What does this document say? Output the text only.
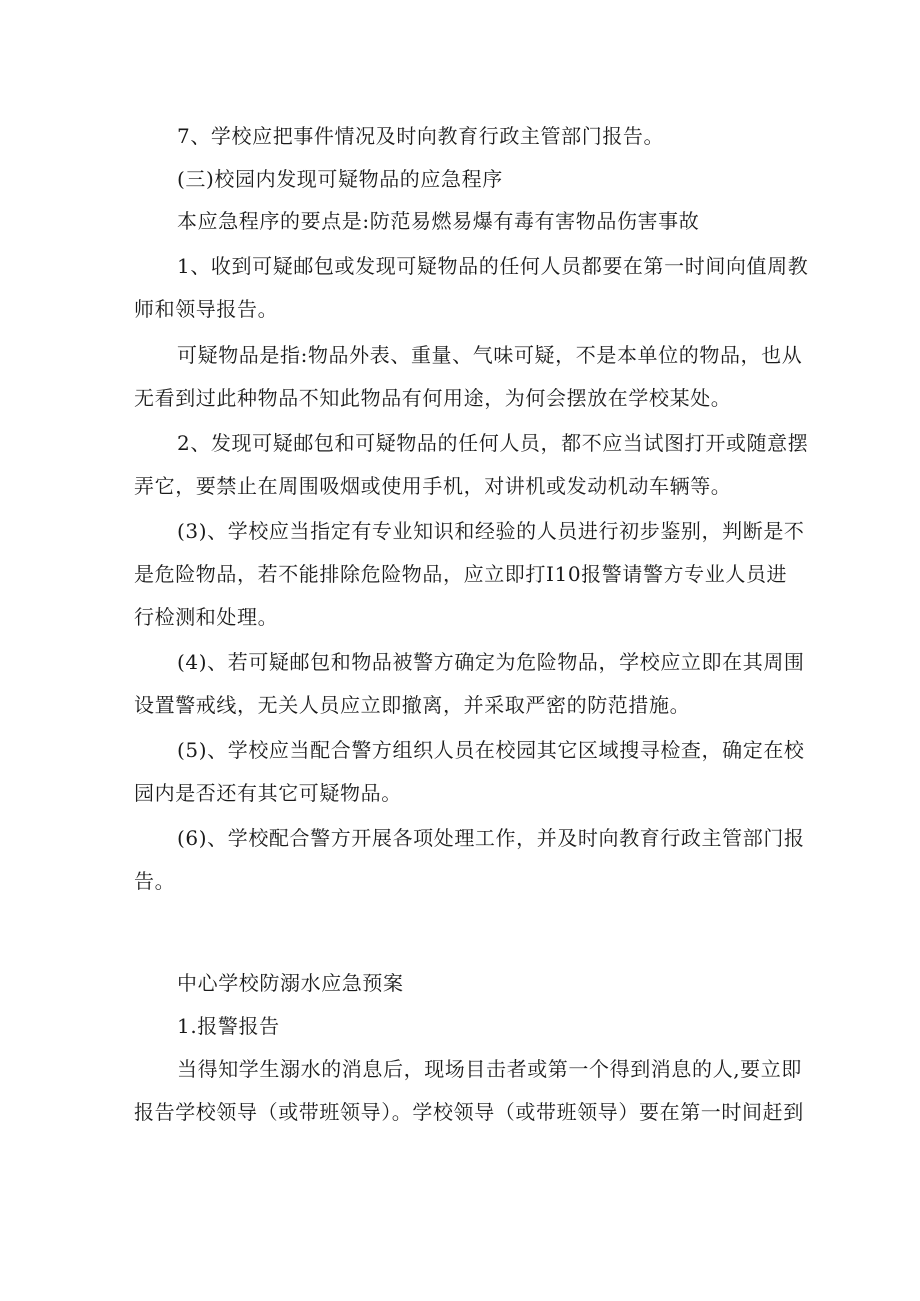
7、学校应把事件情况及时向教育行政主管部门报告。
(三)校园内发现可疑物品的应急程序
本应急程序的要点是:防范易燃易爆有毒有害物品伤害事故
1、收到可疑邮包或发现可疑物品的任何人员都要在第一时间向值周教
师和领导报告。
可疑物品是指:物品外表、重量、气味可疑，不是本单位的物品，也从
无看到过此种物品不知此物品有何用途，为何会摆放在学校某处。
2、发现可疑邮包和可疑物品的任何人员，都不应当试图打开或随意摆
弄它，要禁止在周围吸烟或使用手机，对讲机或发动机动车辆等。
(3)、学校应当指定有专业知识和经验的人员进行初步鉴别，判断是不
是危险物品，若不能排除危险物品，应立即打I10报警请警方专业人员进
行检测和处理。
(4)、若可疑邮包和物品被警方确定为危险物品，学校应立即在其周围
设置警戒线，无关人员应立即撤离，并采取严密的防范措施。
(5)、学校应当配合警方组织人员在校园其它区域搜寻检查，确定在校
园内是否还有其它可疑物品。
(6)、学校配合警方开展各项处理工作，并及时向教育行政主管部门报
告。
中心学校防溺水应急预案
1.报警报告
当得知学生溺水的消息后，现场目击者或第一个得到消息的人,要立即
报告学校领导（或带班领导）。学校领导（或带班领导）要在第一时间赶到
